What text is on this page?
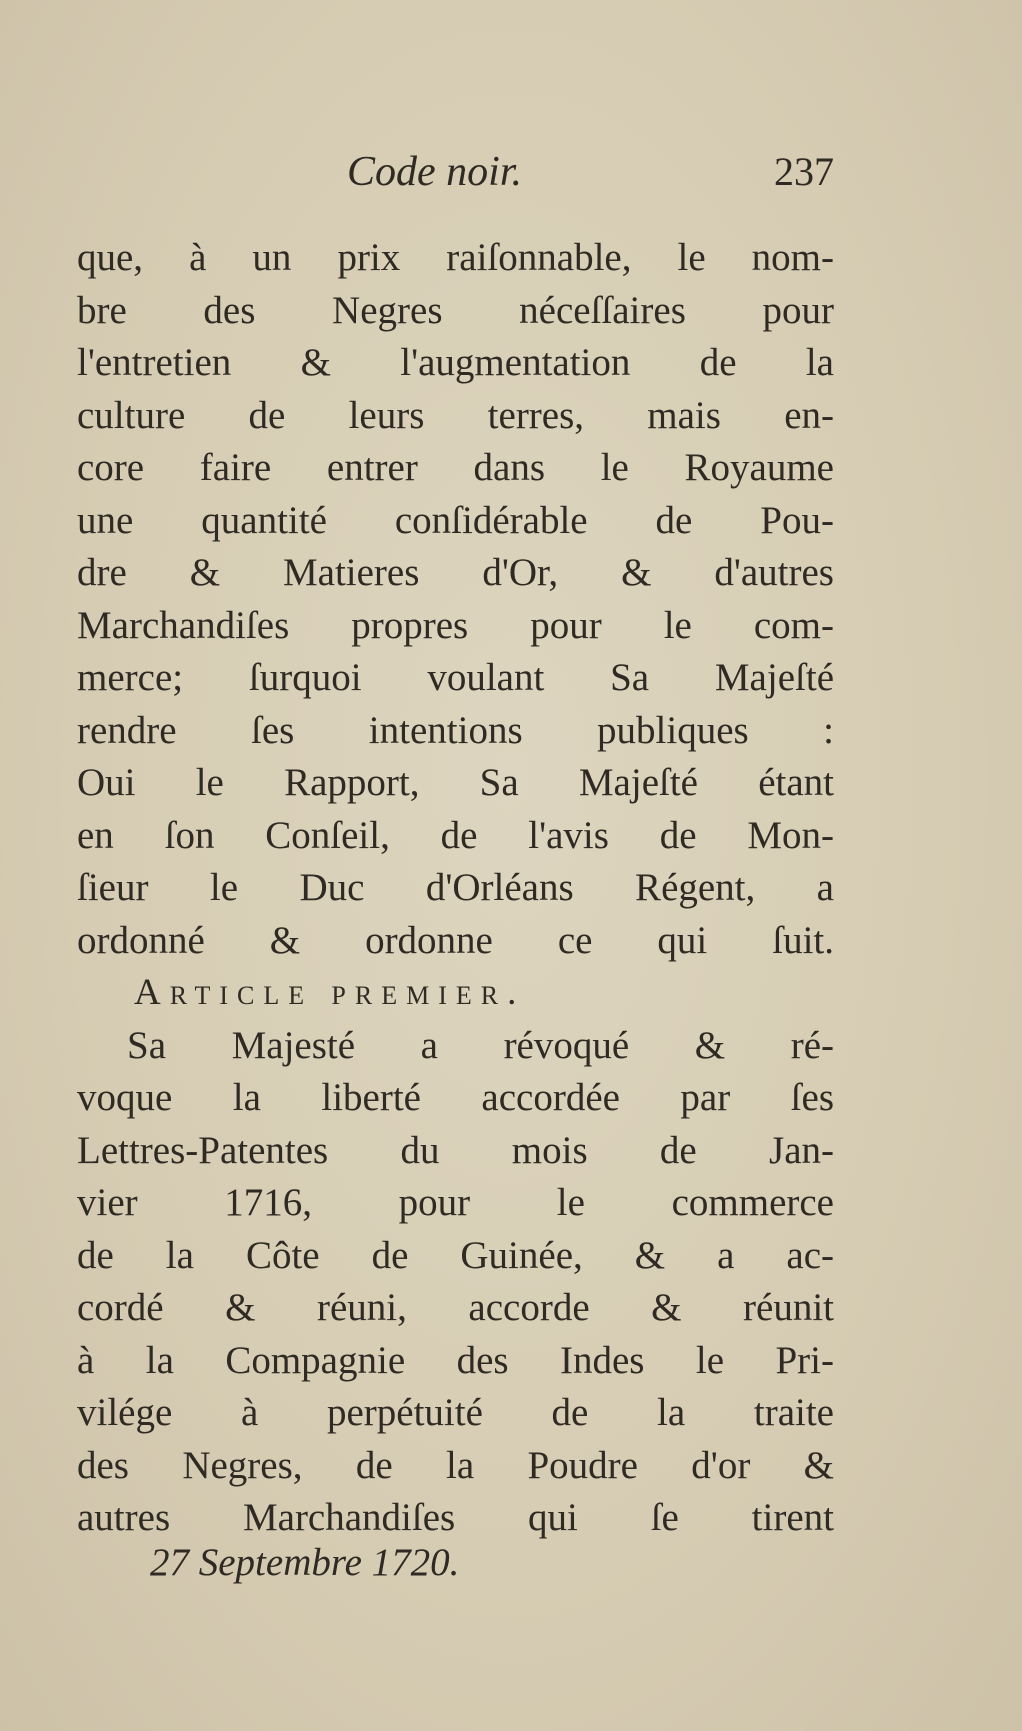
Code noir.	237
que, à un prix raiſonnable, le nom-
bre des Negres néceſſaires pour
l'entretien & l'augmentation de la
culture de leurs terres, mais en-
core faire entrer dans le Royaume
une quantité conſidérable de Pou-
dre & Matieres d'Or, & d'autres
Marchandiſes propres pour le com-
merce; ſurquoi voulant Sa Majeſté
rendre ſes intentions publiques :
Oui le Rapport, Sa Majeſté étant
en ſon Conſeil, de l'avis de Mon-
ſieur le Duc d'Orléans Régent, a
ordonné & ordonne ce qui ſuit.
Article premier.
Sa Majesté a révoqué & ré-
voque la liberté accordée par ſes
Lettres-Patentes du mois de Jan-
vier 1716, pour le commerce
de la Côte de Guinée, & a ac-
cordé & réuni, accorde & réunit
à la Compagnie des Indes le Pri-
vilége à perpétuité de la traite
des Negres, de la Poudre d'or &
autres Marchandiſes qui ſe tirent
27 Septembre 1720.
